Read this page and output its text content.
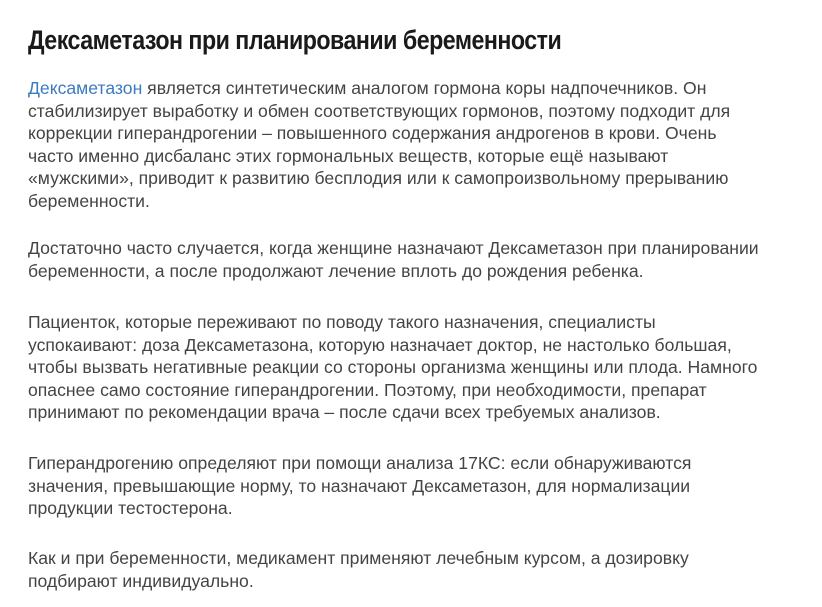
Дексаметазон при планировании беременности

Дексаметазон является синтетическим аналогом гормона коры надпочечников. Он
стабилизирует выработку и обмен соответствующих гормонов, поэтому подходит для
коррекции гиперандрогении – повышенного содержания андрогенов в крови. Очень
часто именно дисбаланс этих гормональных веществ, которые ещё называют
«мужскими», приводит к развитию бесплодия или к самопроизвольному прерыванию
беременности.

Достаточно часто случается, когда женщине назначают Дексаметазон при планировании
беременности, а после продолжают лечение вплоть до рождения ребенка.

Пациенток, которые переживают по поводу такого назначения, специалисты
успокаивают: доза Дексаметазона, которую назначает доктор, не настолько большая,
чтобы вызвать негативные реакции со стороны организма женщины или плода. Намного
опаснее само состояние гиперандрогении. Поэтому, при необходимости, препарат
принимают по рекомендации врача – после сдачи всех требуемых анализов.

Гиперандрогению определяют при помощи анализа 17КС: если обнаруживаются
значения, превышающие норму, то назначают Дексаметазон, для нормализации
продукции тестостерона.

Как и при беременности, медикамент применяют лечебным курсом, а дозировку
подбирают индивидуально.
